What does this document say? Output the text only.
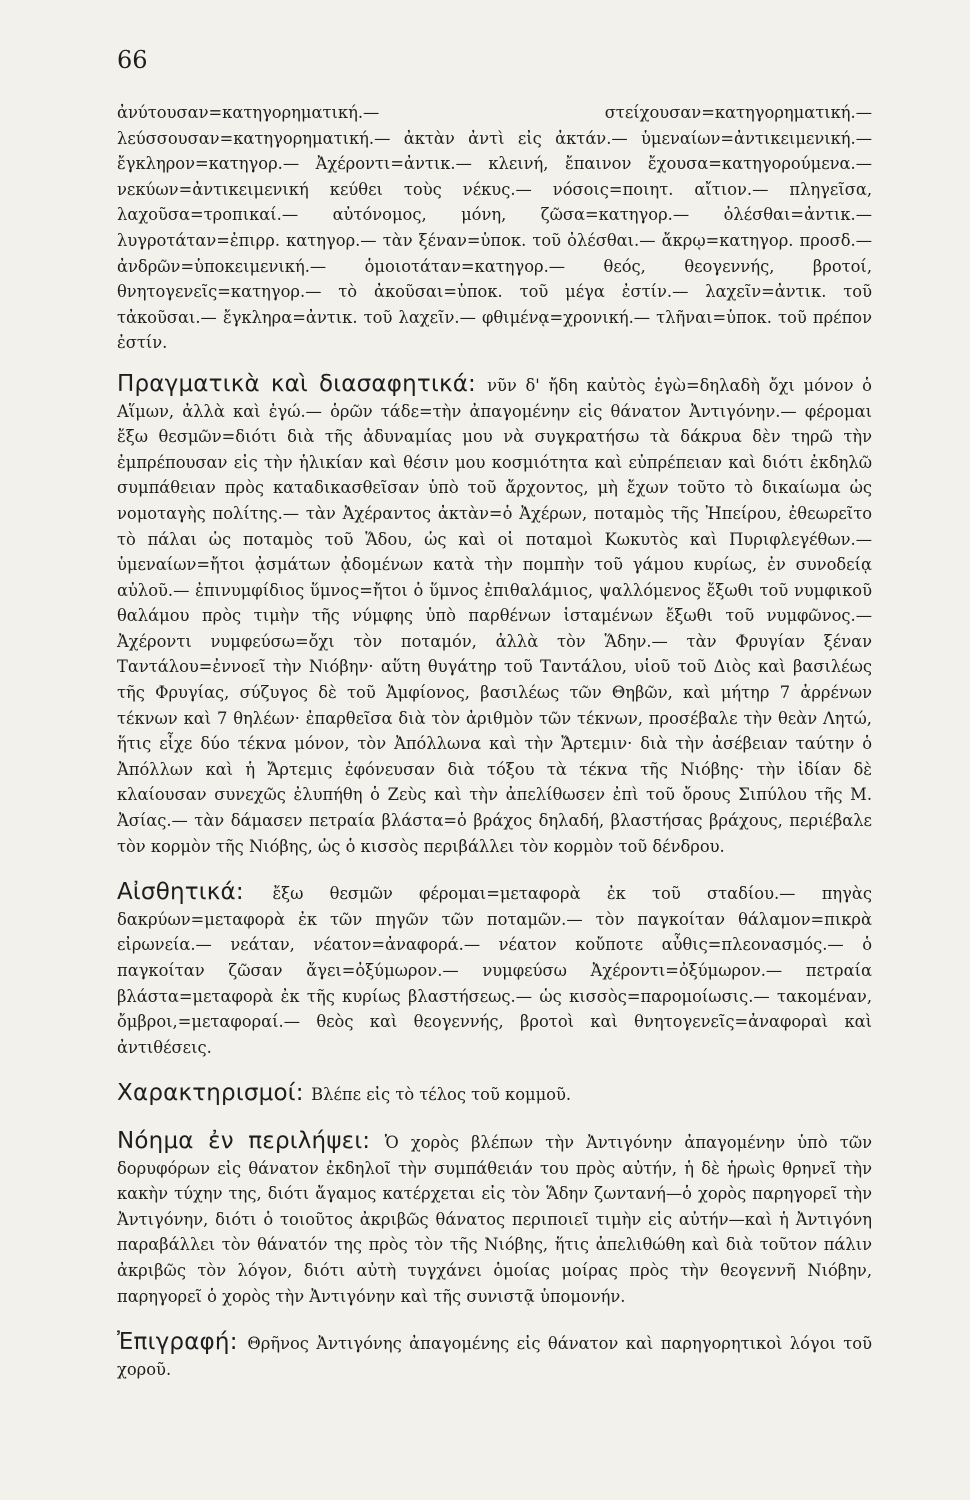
66

ἀνύτουσαν=κατηγορηματική.— στείχουσαν=κατηγορηματική.— λεύσσουσαν=κατηγορηματική.— ἀκτὰν ἀντὶ εἰς ἀκτάν.— ὑμεναίων=ἀντικειμενική.— ἔγκληρον=κατηγορ.— Ἀχέροντι=ἀντικ.— κλεινή, ἔπαινον ἔχουσα=κατηγορούμενα.— νεκύων=ἀντικειμενική κεύθει τοὺς νέκυς.— νόσοις=ποιητ. αἴτιον.— πληγεῖσα, λαχοῦσα=τροπικαί.— αὐτόνομος, μόνη, ζῶσα=κατηγορ.— ὀλέσθαι=ἀντικ.— λυγροτάταν=ἐπιρρ. κατηγορ.— τὰν ξέναν=ὑποκ. τοῦ ὀλέσθαι.— ἄκρῳ=κατηγορ. προσδ.— ἀνδρῶν=ὑποκειμενική.— ὁμοιοτάταν=κατηγορ.— θεός, θεογεννής, βροτοί, θνητογενεῖς=κατηγορ.— τὸ ἀκοῦσαι=ὑποκ. τοῦ μέγα ἐστίν.— λαχεῖν=ἀντικ. τοῦ τἀκοῦσαι.— ἔγκληρα=ἀντικ. τοῦ λαχεῖν.— φθιμένᾳ=χρονική.— τλῆναι=ὑποκ. τοῦ πρέπον ἐστίν.

Πραγματικὰ καὶ διασαφητικά: νῦν δ' ἤδη καὐτὸς ἐγὼ=δηλαδὴ ὄχι μόνον ὁ Αἵμων, ἀλλὰ καὶ ἐγώ.— ὁρῶν τάδε=τὴν ἀπαγομένην εἰς θάνατον Ἀντιγόνην.— φέρομαι ἔξω θεσμῶν=διότι διὰ τῆς ἀδυναμίας μου νὰ συγκρατήσω τὰ δάκρυα δὲν τηρῶ τὴν ἐμπρέπουσαν εἰς τὴν ἡλικίαν καὶ θέσιν μου κοσμιότητα καὶ εὐπρέπειαν καὶ διότι ἐκδηλῶ συμπάθειαν πρὸς καταδικασθεῖσαν ὑπὸ τοῦ ἄρχοντος, μὴ ἔχων τοῦτο τὸ δικαίωμα ὡς νομοταγὴς πολίτης.— τὰν Ἀχέραντος ἀκτὰν=ὁ Ἀχέρων, ποταμὸς τῆς Ἠπείρου, ἐθεωρεῖτο τὸ πάλαι ὡς ποταμὸς τοῦ Ἅδου, ὡς καὶ οἱ ποταμοὶ Κωκυτὸς καὶ Πυριφλεγέθων.— ὑμεναίων=ἤτοι ᾀσμάτων ᾀδομένων κατὰ τὴν πομπὴν τοῦ γάμου κυρίως, ἐν συνοδείᾳ αὐλοῦ.— ἐπινυμφίδιος ὕμνος=ἤτοι ὁ ὕμνος ἐπιθαλάμιος, ψαλλόμενος ἔξωθι τοῦ νυμφικοῦ θαλάμου πρὸς τιμὴν τῆς νύμφης ὑπὸ παρθένων ἱσταμένων ἔξωθι τοῦ νυμφῶνος.— Ἀχέροντι νυμφεύσω=ὄχι τὸν ποταμόν, ἀλλὰ τὸν Ἅδην.— τὰν Φρυγίαν ξέναν Ταντάλου=ἐννοεῖ τὴν Νιόβην· αὕτη θυγάτηρ τοῦ Ταντάλου, υἱοῦ τοῦ Διὸς καὶ βασιλέως τῆς Φρυγίας, σύζυγος δὲ τοῦ Ἀμφίονος, βασιλέως τῶν Θηβῶν, καὶ μήτηρ 7 ἀρρένων τέκνων καὶ 7 θηλέων· ἐπαρθεῖσα διὰ τὸν ἀριθμὸν τῶν τέκνων, προσέβαλε τὴν θεὰν Λητώ, ἥτις εἶχε δύο τέκνα μόνον, τὸν Ἀπόλλωνα καὶ τὴν Ἄρτεμιν· διὰ τὴν ἀσέβειαν ταύτην ὁ Ἀπόλλων καὶ ἡ Ἄρτεμις ἐφόνευσαν διὰ τόξου τὰ τέκνα τῆς Νιόβης· τὴν ἰδίαν δὲ κλαίουσαν συνεχῶς ἐλυπήθη ὁ Ζεὺς καὶ τὴν ἀπελίθωσεν ἐπὶ τοῦ ὄρους Σιπύλου τῆς Μ. Ἀσίας.— τὰν δάμασεν πετραία βλάστα=ὁ βράχος δηλαδή, βλαστήσας βράχους, περιέβαλε τὸν κορμὸν τῆς Νιόβης, ὡς ὁ κισσὸς περιβάλλει τὸν κορμὸν τοῦ δένδρου.

Αἰσθητικά: ἔξω θεσμῶν φέρομαι=μεταφορὰ ἐκ τοῦ σταδίου.— πηγὰς δακρύων=μεταφορὰ ἐκ τῶν πηγῶν τῶν ποταμῶν.— τὸν παγκοίταν θάλαμον=πικρὰ εἰρωνεία.— νεάταν, νέατον=ἀναφορά.— νέατον κοὔποτε αὖθις=πλεονασμός.— ὁ παγκοίταν ζῶσαν ἄγει=ὀξύμωρον.— νυμφεύσω Ἀχέροντι=ὀξύμωρον.— πετραία βλάστα=μεταφορὰ ἐκ τῆς κυρίως βλαστήσεως.— ὡς κισσὸς=παρομοίωσις.— τακομέναν, ὄμβροι,=μεταφοραί.— θεὸς καὶ θεογεννής, βροτοὶ καὶ θνητογενεῖς=ἀναφοραὶ καὶ ἀντιθέσεις.

Χαρακτηρισμοί: Βλέπε εἰς τὸ τέλος τοῦ κομμοῦ.

Νόημα ἐν περιλήψει: Ὁ χορὸς βλέπων τὴν Ἀντιγόνην ἀπαγομένην ὑπὸ τῶν δορυφόρων εἰς θάνατον ἐκδηλοῖ τὴν συμπάθειάν του πρὸς αὐτήν, ἡ δὲ ἡρωὶς θρηνεῖ τὴν κακὴν τύχην της, διότι ἄγαμος κατέρχεται εἰς τὸν Ἅδην ζωντανή—ὁ χορὸς παρηγορεῖ τὴν Ἀντιγόνην, διότι ὁ τοιοῦτος ἀκριβῶς θάνατος περιποιεῖ τιμὴν εἰς αὐτήν—καὶ ἡ Ἀντιγόνη παραβάλλει τὸν θάνατόν της πρὸς τὸν τῆς Νιόβης, ἥτις ἀπελιθώθη καὶ διὰ τοῦτον πάλιν ἀκριβῶς τὸν λόγον, διότι αὐτὴ τυγχάνει ὁμοίας μοίρας πρὸς τὴν θεογεννῆ Νιόβην, παρηγορεῖ ὁ χορὸς τὴν Ἀντιγόνην καὶ τῆς συνιστᾷ ὑπομονήν.

Ἐπιγραφή: Θρῆνος Ἀντιγόνης ἀπαγομένης εἰς θάνατον καὶ παρηγορητικοὶ λόγοι τοῦ χοροῦ.
